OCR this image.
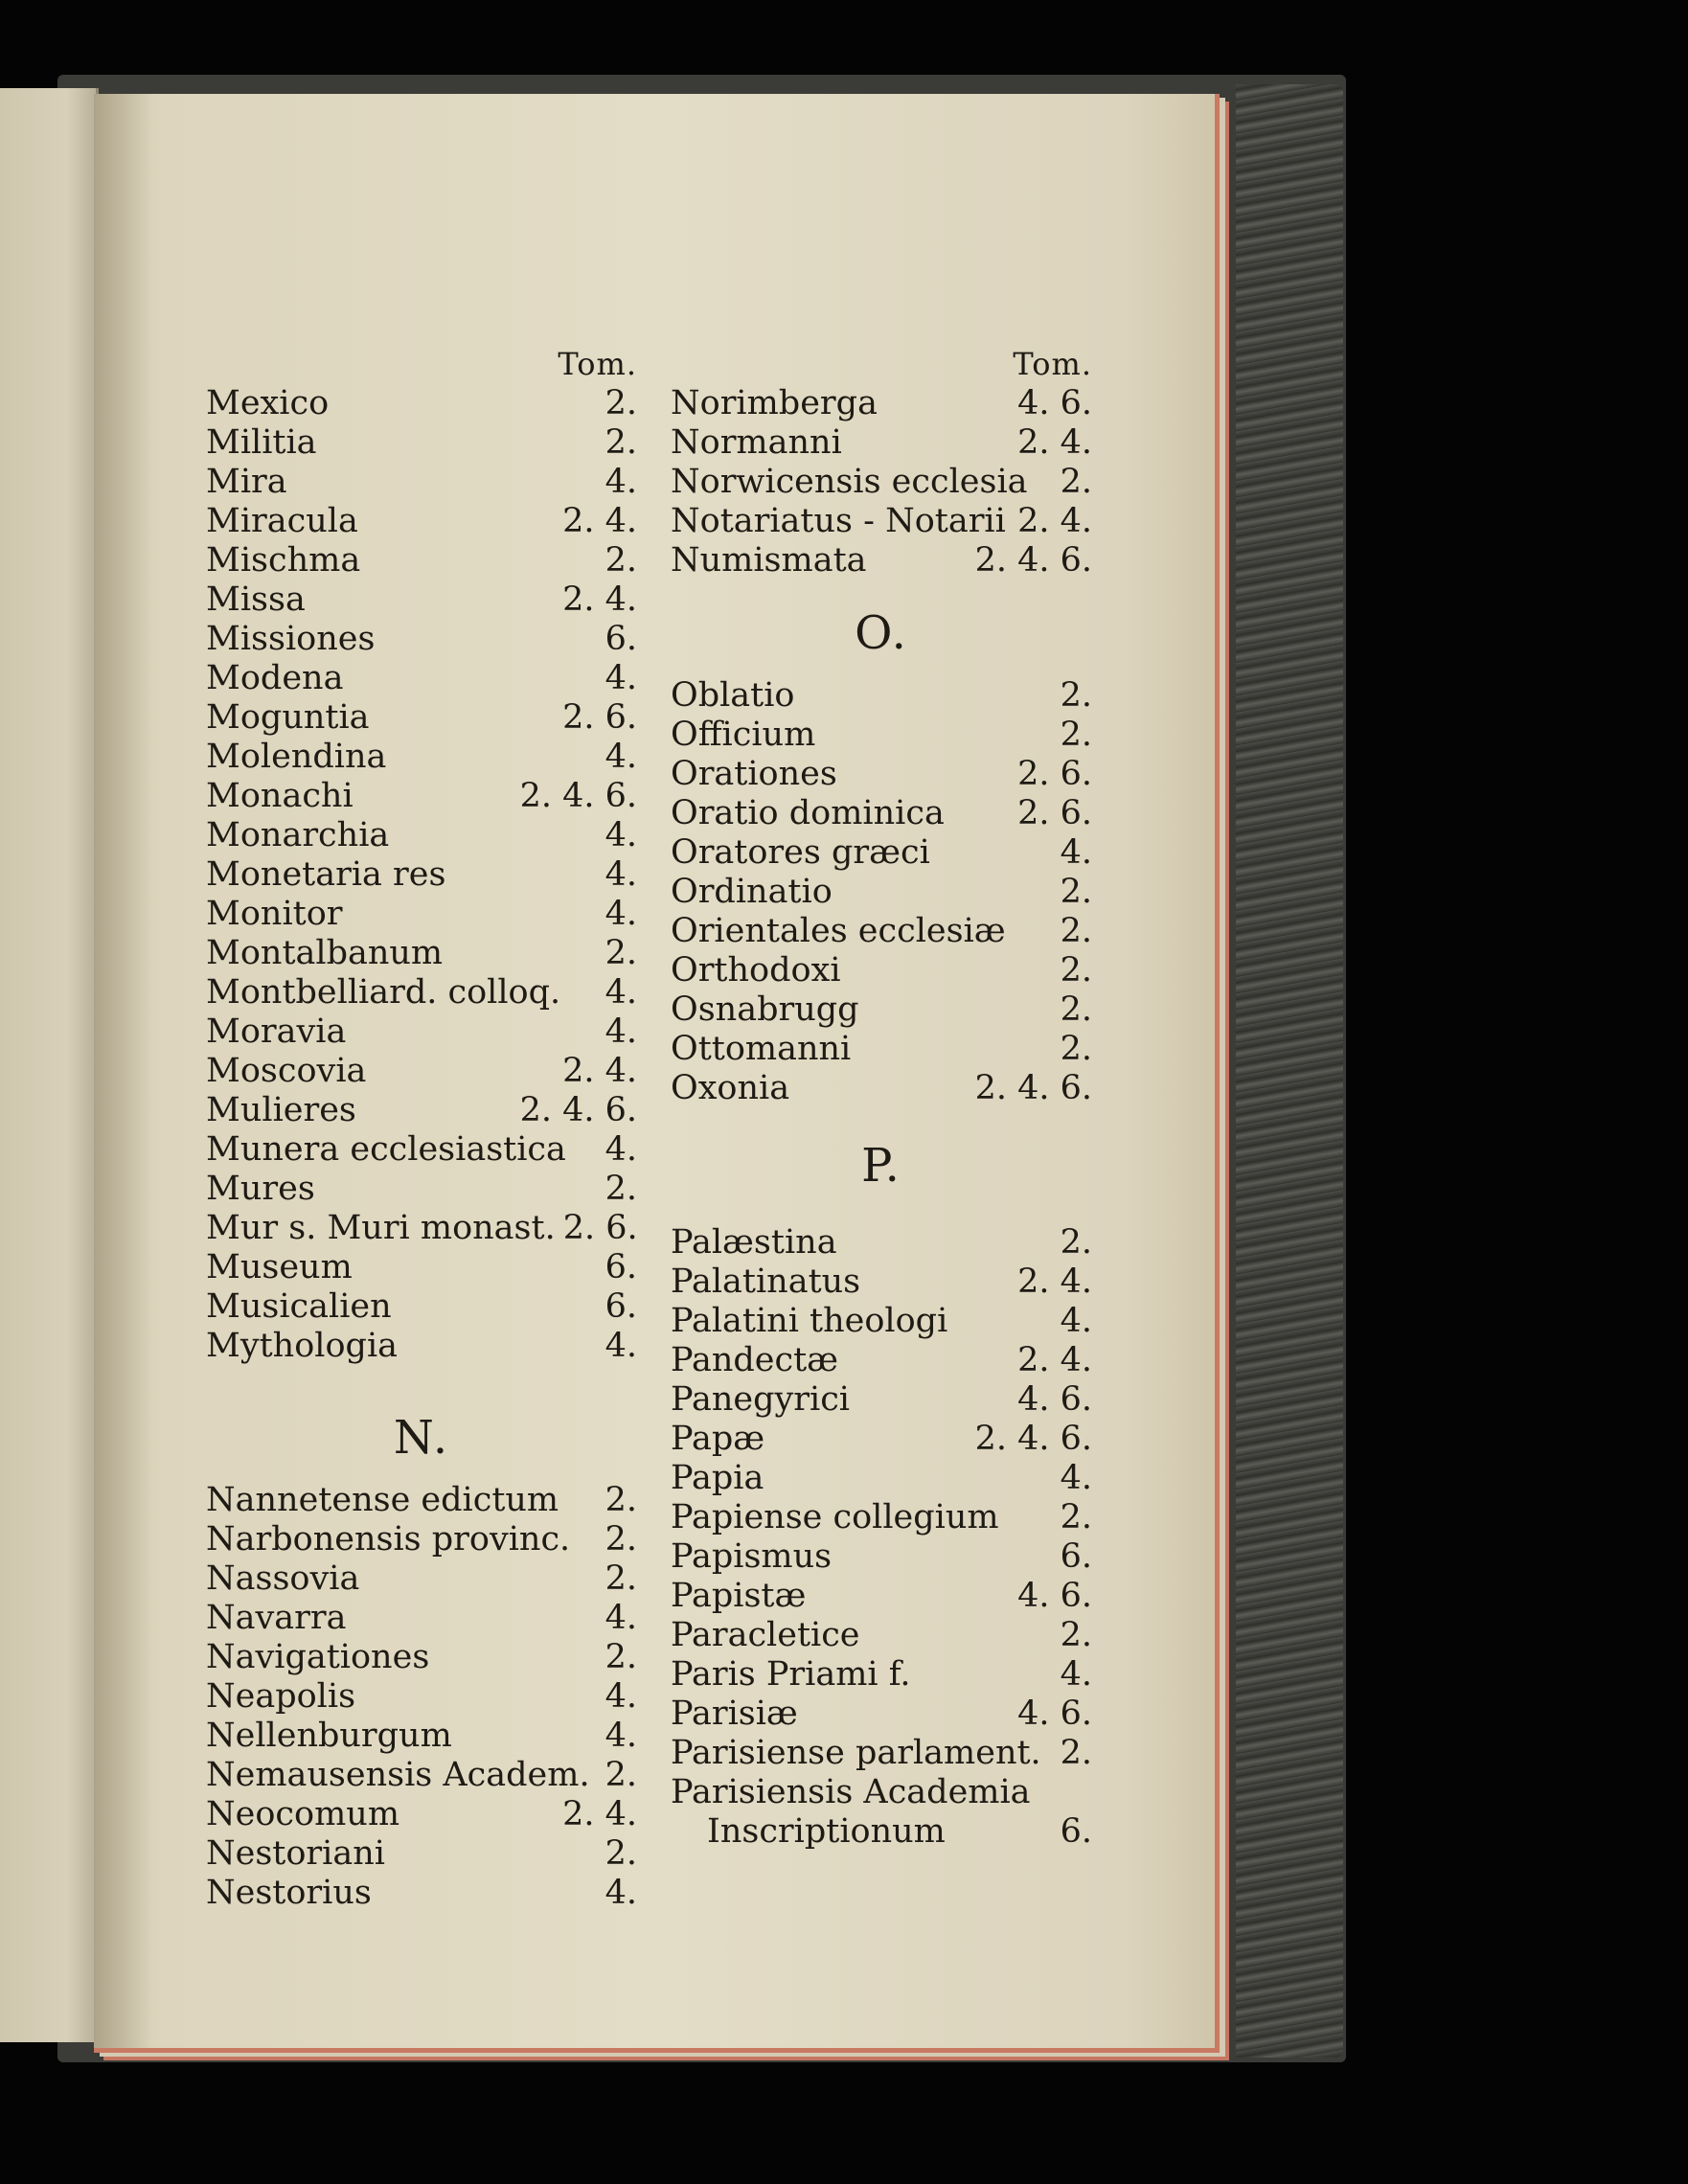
Tom.
Mexico	2.
Militia	2.
Mira	4.
Miracula	2. 4.
Mischma	2.
Missa	2. 4.
Missiones	6.
Modena	4.
Moguntia	2. 6.
Molendina	4.
Monachi	2. 4. 6.
Monarchia	4.
Monetaria res	4.
Monitor	4.
Montalbanum	2.
Montbelliard. colloq. 4.
Moravia	4.
Moscovia	2. 4.
Mulieres	2. 4. 6.
Munera ecclesiastica 4.
Mures	2.
Mur s. Muri monast. 2. 6.
Museum	6.
Musicalien	6.
Mythologia	4.
N.
Nannetense edictum 2.
Narbonensis provinc. 2.
Nassovia	2.
Navarra	4.
Navigationes	2.
Neapolis	4.
Nellenburgum	4.
Nemausensis Academ. 2.
Neocomum	2. 4.
Nestoriani	2.
Nestorius	4.
Tom.
Norimberga	4. 6.
Normanni	2. 4.
Norwicensis ecclesia 2.
Notariatus - Notarii 2. 4.
Numismata	2. 4. 6.
O.
Oblatio	2.
Officium	2.
Orationes	2. 6.
Oratio dominica 2. 6.
Oratores græci	4.
Ordinatio	2.
Orientales ecclesiæ 2.
Orthodoxi	2.
Osnabrugg	2.
Ottomanni	2.
Oxonia	2. 4. 6.
P.
Palæstina	2.
Palatinatus	2. 4.
Palatini theologi	4.
Pandectæ	2. 4.
Panegyrici	4. 6.
Papæ	2. 4. 6.
Papia	4.
Papiense collegium 2.
Papismus	6.
Papistæ	4. 6.
Paracletice	2.
Paris Priami f.	4.
Parisiæ	4. 6.
Parisiense parlament. 2.
Parisiensis Academia
Inscriptionum	6.
